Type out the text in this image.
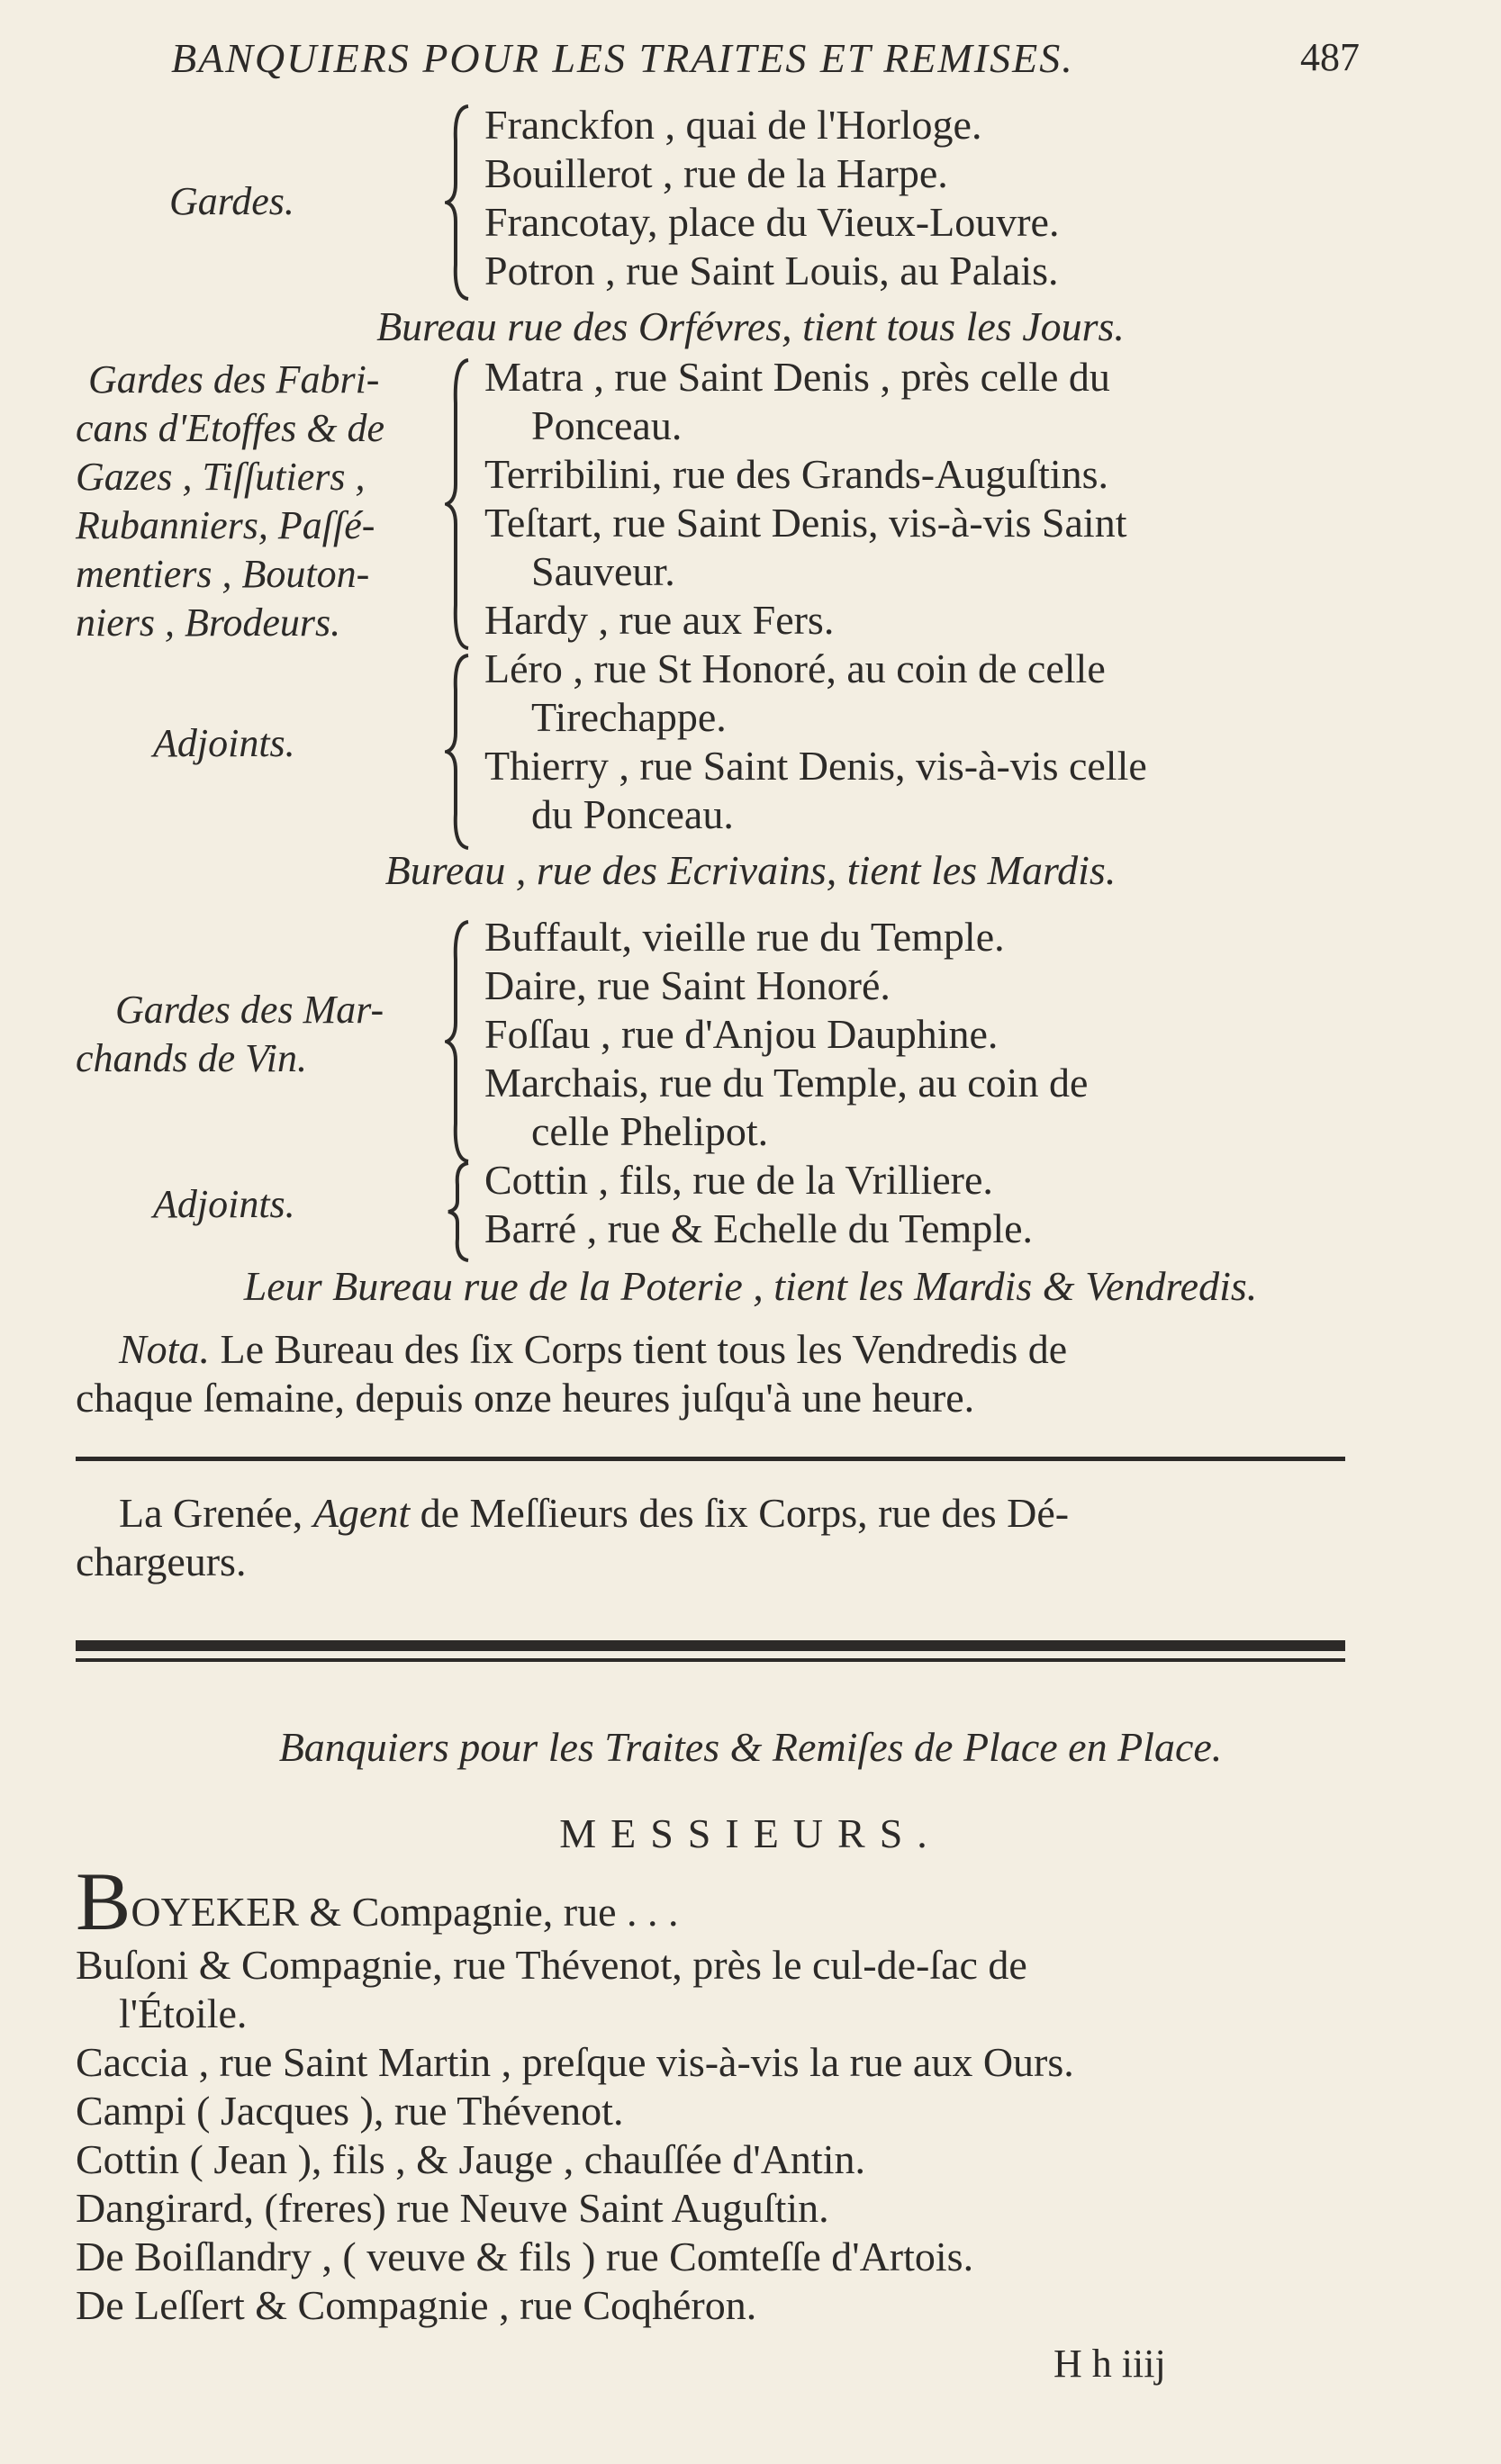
BANQUIERS POUR LES TRAITES ET REMISES.	487
Gardes.
Franckfon , quai de l'Horloge.
Bouillerot , rue de la Harpe.
Francotay, place du Vieux-Louvre.
Potron , rue Saint Louis, au Palais.
Bureau rue des Orfévres, tient tous les Jours.
Gardes des Fabri-
cans d'Etoffes & de
Gazes , Tiſſutiers ,
Rubanniers, Paſſé-
mentiers , Bouton-
niers , Brodeurs.
Matra , rue Saint Denis , près celle du
Ponceau.
Terribilini, rue des Grands-Auguſtins.
Teſtart, rue Saint Denis, vis-à-vis Saint
Sauveur.
Hardy , rue aux Fers.
Adjoints.
Léro , rue St Honoré, au coin de celle
Tirechappe.
Thierry , rue Saint Denis, vis-à-vis celle
du Ponceau.
Bureau , rue des Ecrivains, tient les Mardis.
Gardes des Mar-
chands de Vin.
Buffault, vieille rue du Temple.
Daire, rue Saint Honoré.
Foſſau , rue d'Anjou Dauphine.
Marchais, rue du Temple, au coin de
celle Phelipot.
Adjoints.
Cottin , fils, rue de la Vrilliere.
Barré , rue & Echelle du Temple.
Leur Bureau rue de la Poterie , tient les Mardis & Vendredis.
Nota. Le Bureau des ſix Corps tient tous les Vendredis de
chaque ſemaine, depuis onze heures juſqu'à une heure.
La Grenée, Agent de Meſſieurs des ſix Corps, rue des Dé-
chargeurs.
Banquiers pour les Traites & Remiſes de Place en Place.
MESSIEURS.
BOYEKER & Compagnie, rue . . .
Buſoni & Compagnie, rue Thévenot, près le cul-de-ſac de
l'Étoile.
Caccia , rue Saint Martin , preſque vis-à-vis la rue aux Ours.
Campi ( Jacques ), rue Thévenot.
Cottin ( Jean ), fils , & Jauge , chauſſée d'Antin.
Dangirard, (freres) rue Neuve Saint Auguſtin.
De Boiſlandry , ( veuve & fils ) rue Comteſſe d'Artois.
De Leſſert & Compagnie , rue Coqhéron.
H h iiij
